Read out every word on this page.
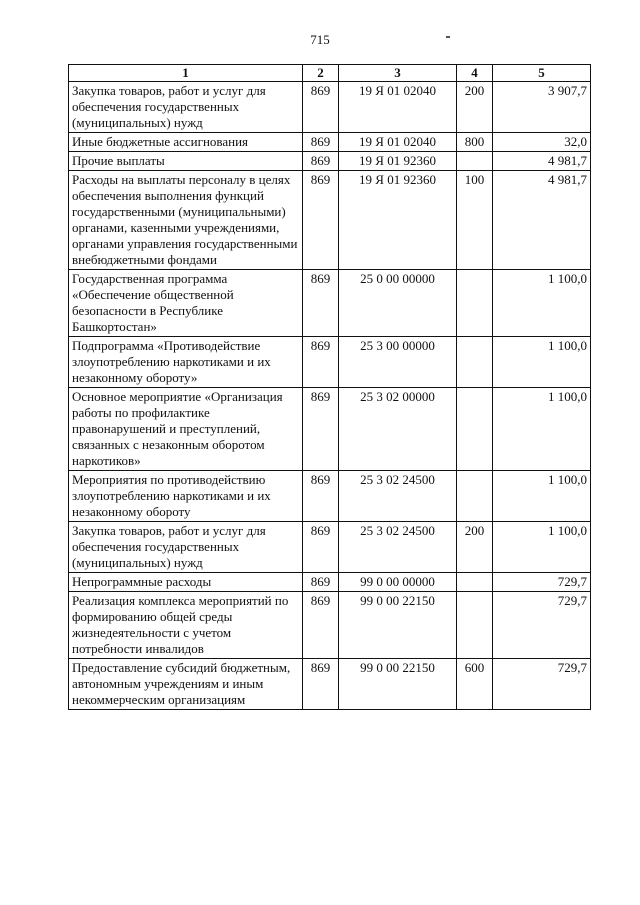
715
1	2	3	4	5
Закупка товаров, работ и услуг для обеспечения государственных (муниципальных) нужд	869	19 Я 01 02040	200	3 907,7
Иные бюджетные ассигнования	869	19 Я 01 02040	800	32,0
Прочие выплаты	869	19 Я 01 92360		4 981,7
Расходы на выплаты персоналу в целях обеспечения выполнения функций государственными (муниципальными) органами, казенными учреждениями, органами управления государственными внебюджетными фондами	869	19 Я 01 92360	100	4 981,7
Государственная программа «Обеспечение общественной безопасности в Республике Башкортостан»	869	25 0 00 00000		1 100,0
Подпрограмма «Противодействие злоупотреблению наркотиками и их незаконному обороту»	869	25 3 00 00000		1 100,0
Основное мероприятие «Организация работы по профилактике правонарушений и преступлений, связанных с незаконным оборотом наркотиков»	869	25 3 02 00000		1 100,0
Мероприятия по противодействию злоупотреблению наркотиками и их незаконному обороту	869	25 3 02 24500		1 100,0
Закупка товаров, работ и услуг для обеспечения государственных (муниципальных) нужд	869	25 3 02 24500	200	1 100,0
Непрограммные расходы	869	99 0 00 00000		729,7
Реализация комплекса мероприятий по формированию общей среды жизнедеятельности с учетом потребности инвалидов	869	99 0 00 22150		729,7
Предоставление субсидий бюджетным, автономным учреждениям и иным некоммерческим организациям	869	99 0 00 22150	600	729,7
